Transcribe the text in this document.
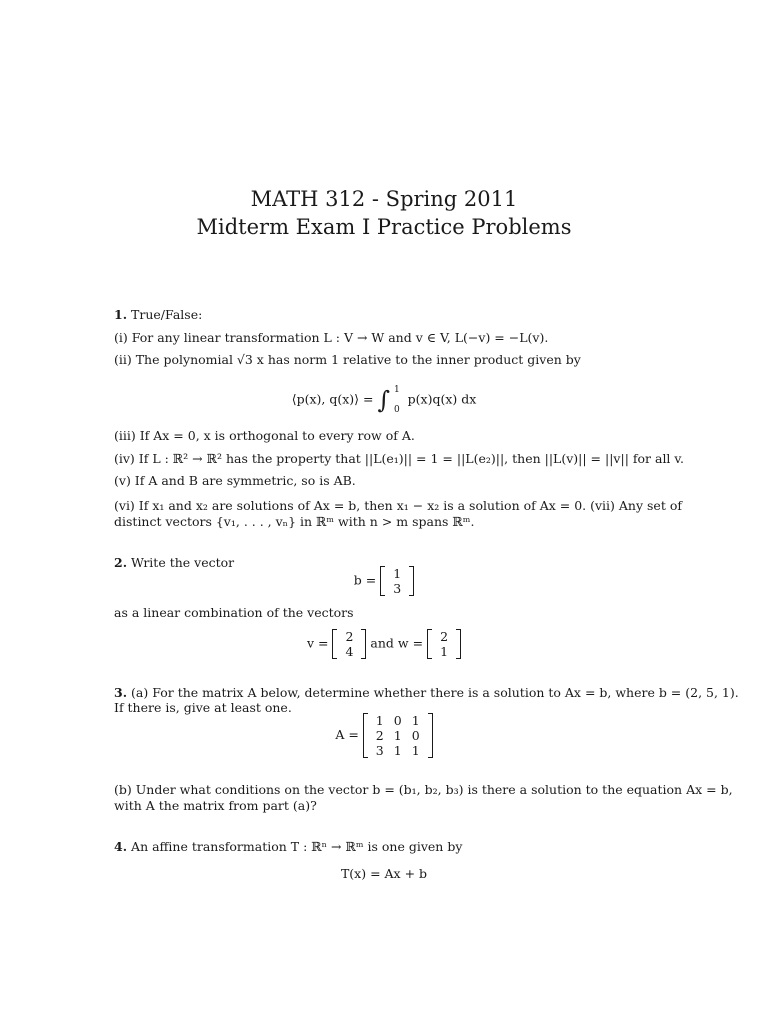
MATH 312 - Spring 2011
Midterm Exam I Practice Problems
1. True/False:
(i) For any linear transformation L : V → W and v ∈ V, L(−v) = −L(v).
(ii) The polynomial √3 x has norm 1 relative to the inner product given by
⟨p(x), q(x)⟩ = ∫ 1
0
p(x)q(x) dx
(iii) If Ax = 0, x is orthogonal to every row of A.
(iv) If L : ℝ² → ℝ² has the property that ||L(e₁)|| = 1 = ||L(e₂)||, then ||L(v)|| = ||v|| for all v.
(v) If A and B are symmetric, so is AB.
(vi) If x₁ and x₂ are solutions of Ax = b, then x₁ − x₂ is a solution of Ax = 0. (vii) Any set of
distinct vectors {v₁, . . . , vₙ} in ℝᵐ with n > m spans ℝᵐ.
2. Write the vector
b = 1
3
as a linear combination of the vectors
v = 2
4
and w = 2
1
3. (a) For the matrix A below, determine whether there is a solution to Ax = b, where b = (2, 5, 1).
If there is, give at least one.
A =
1	0	1
2	1	0
3	1	1
(b) Under what conditions on the vector b = (b₁, b₂, b₃) is there a solution to the equation Ax = b,
with A the matrix from part (a)?
4. An affine transformation T : ℝⁿ → ℝᵐ is one given by
T(x) = Ax + b
